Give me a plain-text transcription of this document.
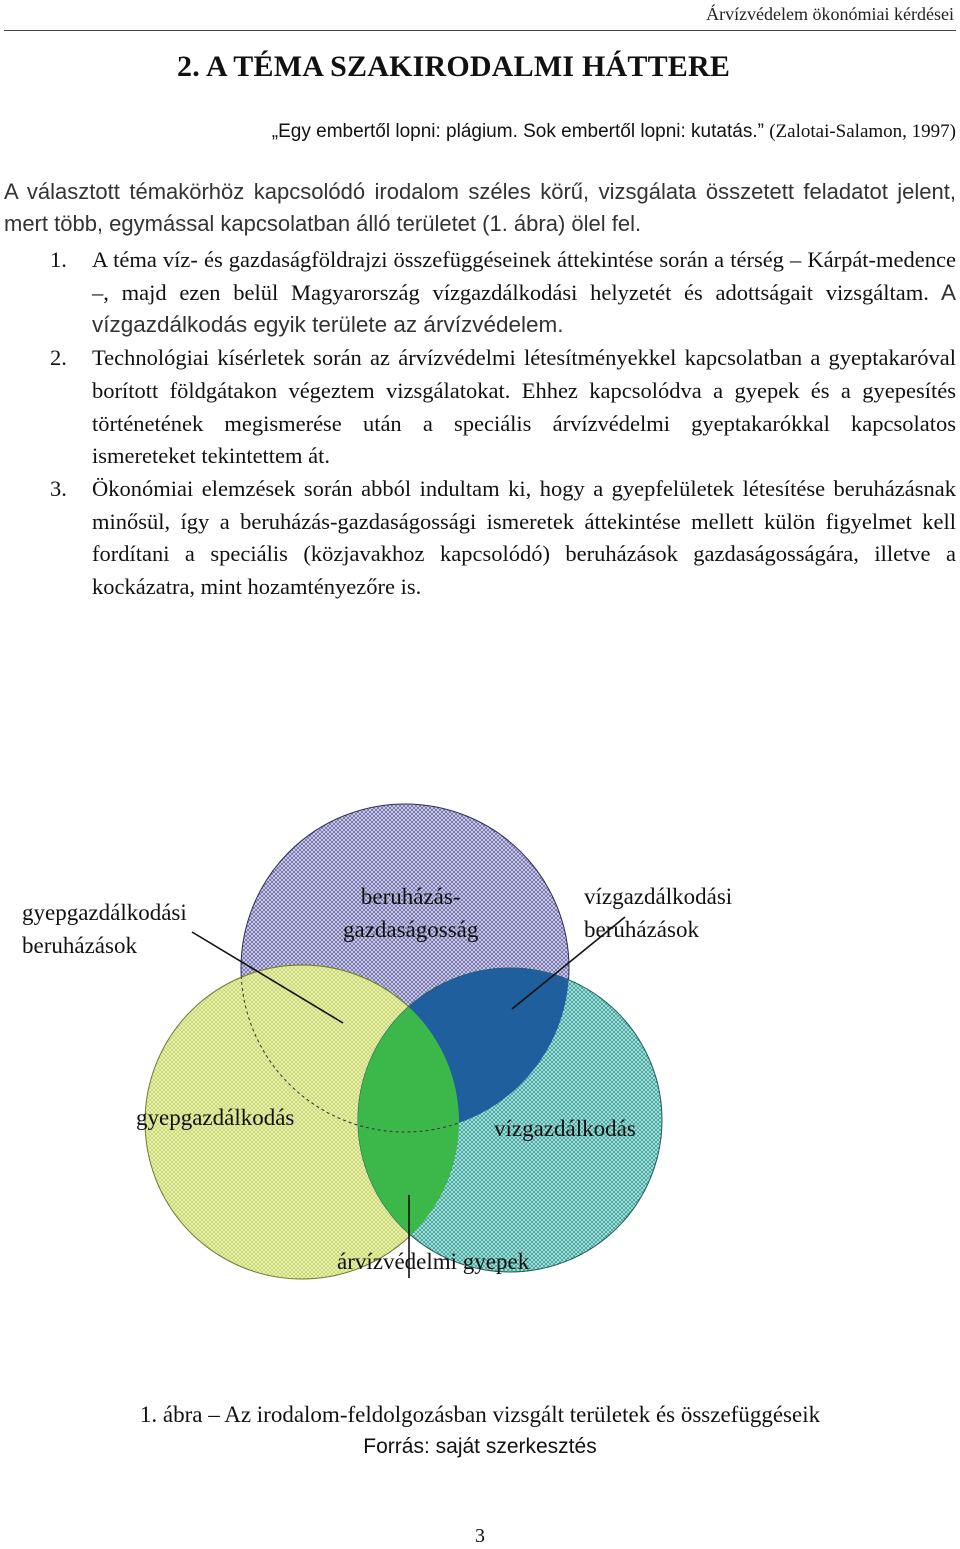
Árvízvédelem ökonómiai kérdései
2. A TÉMA SZAKIRODALMI HÁTTERE
„Egy embertől lopni: plágium. Sok embertől lopni: kutatás.” (Zalotai-Salamon, 1997)
A választott témakörhöz kapcsolódó irodalom széles körű, vizsgálata összetett feladatot jelent, mert több, egymással kapcsolatban álló területet (1. ábra) ölel fel.
1. A téma víz- és gazdaságföldrajzi összefüggéseinek áttekintése során a térség – Kárpát-medence –, majd ezen belül Magyarország vízgazdálkodási helyzetét és adottságait vizsgáltam. A vízgazdálkodás egyik területe az árvízvédelem.
2. Technológiai kísérletek során az árvízvédelmi létesítményekkel kapcsolatban a gyeptakaróval borított földgátakon végeztem vizsgálatokat. Ehhez kapcsolódva a gyepek és a gyepesítés történetének megismerése után a speciális árvízvédelmi gyeptakarókkal kapcsolatos ismereteket tekintettem át.
3. Ökonómiai elemzések során abból indultam ki, hogy a gyepfelületek létesítése beruházásnak minősül, így a beruházás-gazdaságossági ismeretek áttekintése mellett külön figyelmet kell fordítani a speciális (közjavakhoz kapcsolódó) beruházások gazdaságosságára, illetve a kockázatra, mint hozamtényezőre is.
gyepgazdálkodási
beruházások
beruházás-
gazdaságosság
vízgazdálkodási
beruházások
gyepgazdálkodás	vízgazdálkodás
árvízvédelmi gyepek
1. ábra – Az irodalom-feldolgozásban vizsgált területek és összefüggéseik
Forrás: saját szerkesztés
3
